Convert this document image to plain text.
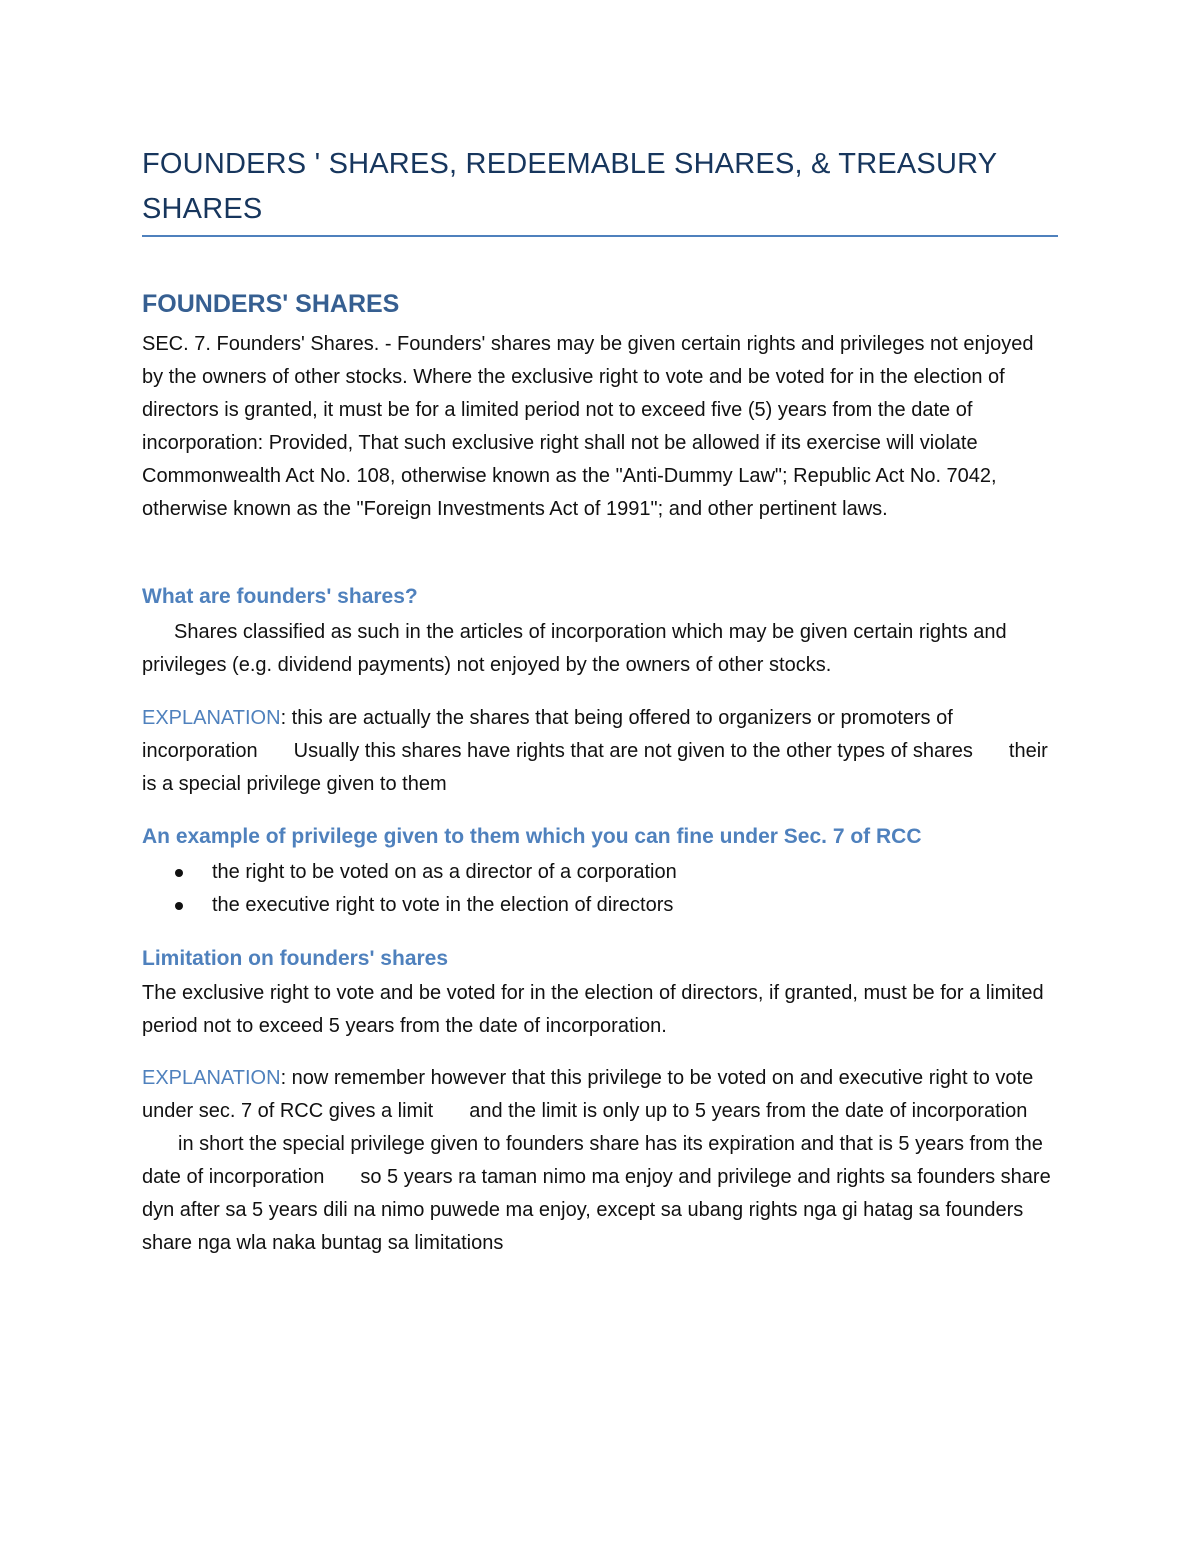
FOUNDERS ' SHARES, REDEEMABLE SHARES, & TREASURY SHARES
FOUNDERS' SHARES
SEC. 7. Founders' Shares. - Founders' shares may be given certain rights and privileges not enjoyed by the owners of other stocks. Where the exclusive right to vote and be voted for in the election of directors is granted, it must be for a limited period not to exceed five (5) years from the date of incorporation: Provided, That such exclusive right shall not be allowed if its exercise will violate Commonwealth Act No. 108, otherwise known as the "Anti-Dummy Law"; Republic Act No. 7042, otherwise known as the "Foreign Investments Act of 1991"; and other pertinent laws.
What are founders' shares?
Shares classified as such in the articles of incorporation which may be given certain rights and privileges (e.g. dividend payments) not enjoyed by the owners of other stocks.
EXPLANATION: this are actually the shares that being offered to organizers or promoters of incorporation Usually this shares have rights that are not given to the other types of shares their is a special privilege given to them
An example of privilege given to them which you can fine under Sec. 7 of RCC
the right to be voted on as a director of a corporation
the executive right to vote in the election of directors
Limitation on founders' shares
The exclusive right to vote and be voted for in the election of directors, if granted, must be for a limited period not to exceed 5 years from the date of incorporation.
EXPLANATION: now remember however that this privilege to be voted on and executive right to vote under sec. 7 of RCC gives a limit and the limit is only up to 5 years from the date of incorporationin short the special privilege given to founders share has its expiration and that is 5 years from the date of incorporation so 5 years ra taman nimo ma enjoy and privilege and rights sa founders share dyn after sa 5 years dili na nimo puwede ma enjoy, except sa ubang rights nga gi hatag sa founders share nga wla naka buntag sa limitations
